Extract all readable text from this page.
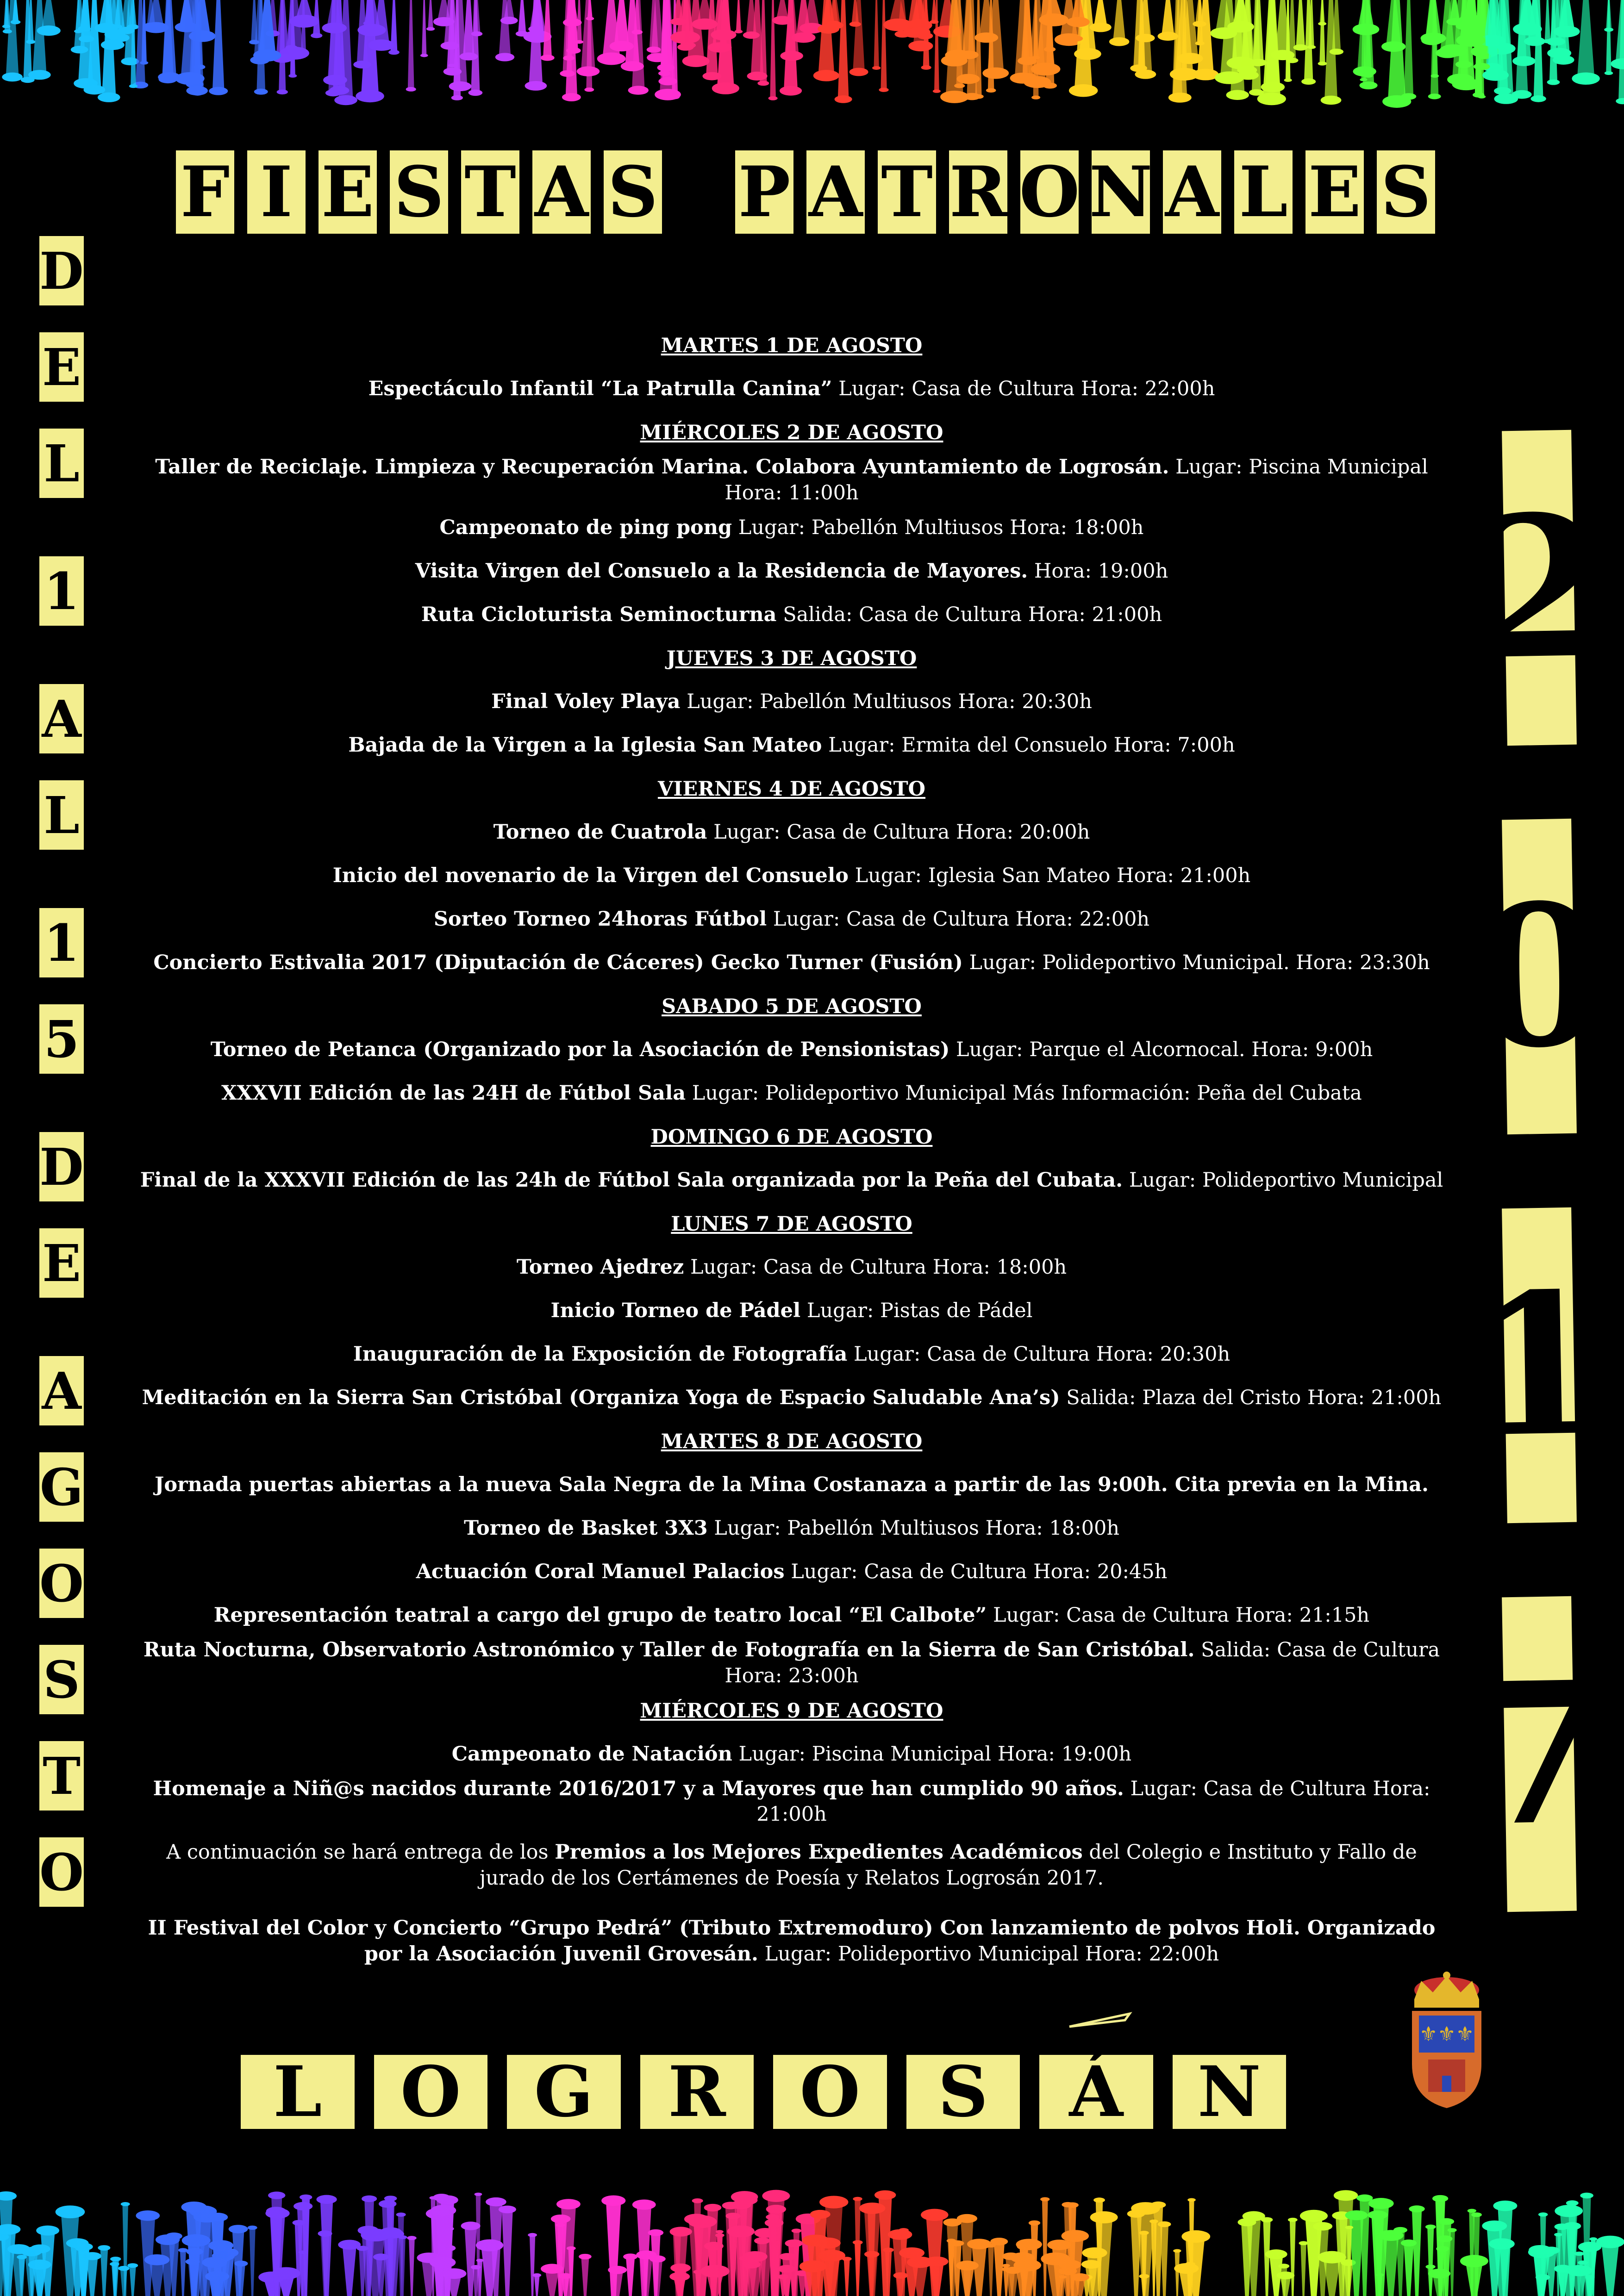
F I E S T A S P A T R O N A L E S
D
E
L
1
A
L
1
5
D
E
A
G
O
S
T
O
2
0
1
7

MARTES 1 DE AGOSTO

Espectáculo Infantil “La Patrulla Canina” Lugar: Casa de Cultura Hora: 22:00h

MIÉRCOLES 2 DE AGOSTO

Taller de Reciclaje. Limpieza y Recuperación Marina. Colabora Ayuntamiento de Logrosán. Lugar: Piscina Municipal Hora: 11:00h

Campeonato de ping pong Lugar: Pabellón Multiusos Hora: 18:00h

Visita Virgen del Consuelo a la Residencia de Mayores. Hora: 19:00h

Ruta Cicloturista Seminocturna Salida: Casa de Cultura Hora: 21:00h

JUEVES 3 DE AGOSTO

Final Voley Playa Lugar: Pabellón Multiusos Hora: 20:30h

Bajada de la Virgen a la Iglesia San Mateo Lugar: Ermita del Consuelo Hora: 7:00h

VIERNES 4 DE AGOSTO

Torneo de Cuatrola Lugar: Casa de Cultura Hora: 20:00h

Inicio del novenario de la Virgen del Consuelo Lugar: Iglesia San Mateo Hora: 21:00h

Sorteo Torneo 24horas Fútbol Lugar: Casa de Cultura Hora: 22:00h

Concierto Estivalia 2017 (Diputación de Cáceres) Gecko Turner (Fusión) Lugar: Polideportivo Municipal. Hora: 23:30h

SABADO 5 DE AGOSTO

Torneo de Petanca (Organizado por la Asociación de Pensionistas) Lugar: Parque el Alcornocal. Hora: 9:00h

XXXVII Edición de las 24H de Fútbol Sala Lugar: Polideportivo Municipal Más Información: Peña del Cubata

DOMINGO 6 DE AGOSTO

Final de la XXXVII Edición de las 24h de Fútbol Sala organizada por la Peña del Cubata. Lugar: Polideportivo Municipal

LUNES 7 DE AGOSTO

Torneo Ajedrez Lugar: Casa de Cultura Hora: 18:00h

Inicio Torneo de Pádel Lugar: Pistas de Pádel

Inauguración de la Exposición de Fotografía Lugar: Casa de Cultura Hora: 20:30h

Meditación en la Sierra San Cristóbal (Organiza Yoga de Espacio Saludable Ana’s) Salida: Plaza del Cristo Hora: 21:00h

MARTES 8 DE AGOSTO

Jornada puertas abiertas a la nueva Sala Negra de la Mina Costanaza a partir de las 9:00h. Cita previa en la Mina.

Torneo de Basket 3X3 Lugar: Pabellón Multiusos Hora: 18:00h

Actuación Coral Manuel Palacios Lugar: Casa de Cultura Hora: 20:45h

Representación teatral a cargo del grupo de teatro local “El Calbote” Lugar: Casa de Cultura Hora: 21:15h

Ruta Nocturna, Observatorio Astronómico y Taller de Fotografía en la Sierra de San Cristóbal. Salida: Casa de Cultura Hora: 23:00h

MIÉRCOLES 9 DE AGOSTO

Campeonato de Natación Lugar: Piscina Municipal Hora: 19:00h

Homenaje a Niñ@s nacidos durante 2016/2017 y a Mayores que han cumplido 90 años. Lugar: Casa de Cultura Hora: 21:00h

A continuación se hará entrega de los Premios a los Mejores Expedientes Académicos del Colegio e Instituto y Fallo de jurado de los Certámenes de Poesía y Relatos Logrosán 2017.

II Festival del Color y Concierto “Grupo Pedrá” (Tributo Extremoduro) Con lanzamiento de polvos Holi. Organizado por la Asociación Juvenil Grovesán. Lugar: Polideportivo Municipal Hora: 22:00h

L	O	G	R	O	S	Á	N
⚜⚜⚜
